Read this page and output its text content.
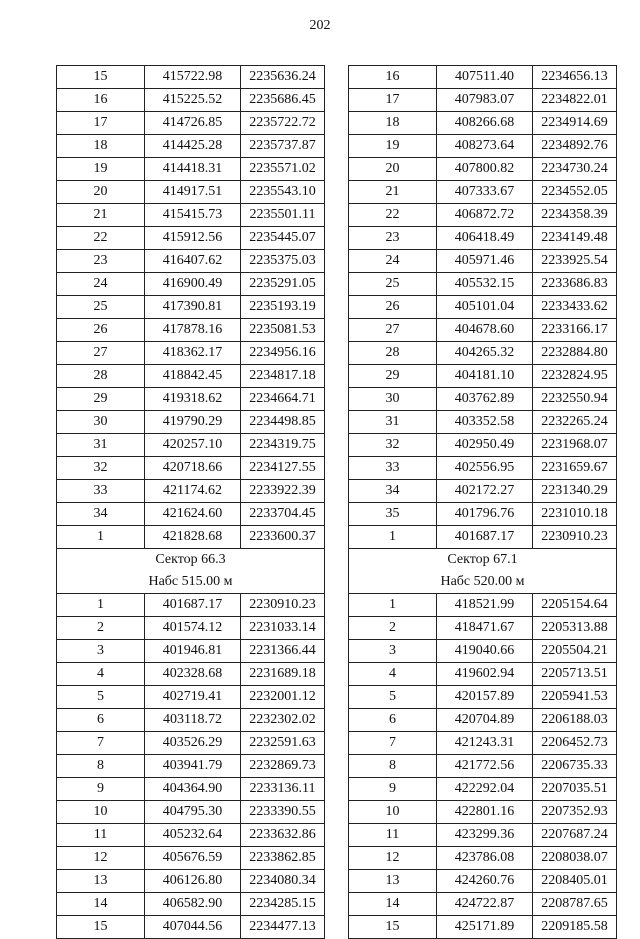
202
15	415722.98	2235636.24
16	415225.52	2235686.45
17	414726.85	2235722.72
18	414425.28	2235737.87
19	414418.31	2235571.02
20	414917.51	2235543.10
21	415415.73	2235501.11
22	415912.56	2235445.07
23	416407.62	2235375.03
24	416900.49	2235291.05
25	417390.81	2235193.19
26	417878.16	2235081.53
27	418362.17	2234956.16
28	418842.45	2234817.18
29	419318.62	2234664.71
30	419790.29	2234498.85
31	420257.10	2234319.75
32	420718.66	2234127.55
33	421174.62	2233922.39
34	421624.60	2233704.45
1	421828.68	2233600.37

Сектор 66.3
Набс 515.00 м		

1	401687.17	2230910.23
2	401574.12	2231033.14
3	401946.81	2231366.44
4	402328.68	2231689.18
5	402719.41	2232001.12
6	403118.72	2232302.02
7	403526.29	2232591.63
8	403941.79	2232869.73
9	404364.90	2233136.11
10	404795.30	2233390.55
11	405232.64	2233632.86
12	405676.59	2233862.85
13	406126.80	2234080.34
14	406582.90	2234285.15
15	407044.56	2234477.13
16	407511.40	2234656.13
17	407983.07	2234822.01
18	408266.68	2234914.69
19	408273.64	2234892.76
20	407800.82	2234730.24
21	407333.67	2234552.05
22	406872.72	2234358.39
23	406418.49	2234149.48
24	405971.46	2233925.54
25	405532.15	2233686.83
26	405101.04	2233433.62
27	404678.60	2233166.17
28	404265.32	2232884.80
29	404181.10	2232824.95
30	403762.89	2232550.94
31	403352.58	2232265.24
32	402950.49	2231968.07
33	402556.95	2231659.67
34	402172.27	2231340.29
35	401796.76	2231010.18
1	401687.17	2230910.23

Сектор 67.1
Набс 520.00 м		

1	418521.99	2205154.64
2	418471.67	2205313.88
3	419040.66	2205504.21
4	419602.94	2205713.51
5	420157.89	2205941.53
6	420704.89	2206188.03
7	421243.31	2206452.73
8	421772.56	2206735.33
9	422292.04	2207035.51
10	422801.16	2207352.93
11	423299.36	2207687.24
12	423786.08	2208038.07
13	424260.76	2208405.01
14	424722.87	2208787.65
15	425171.89	2209185.58
